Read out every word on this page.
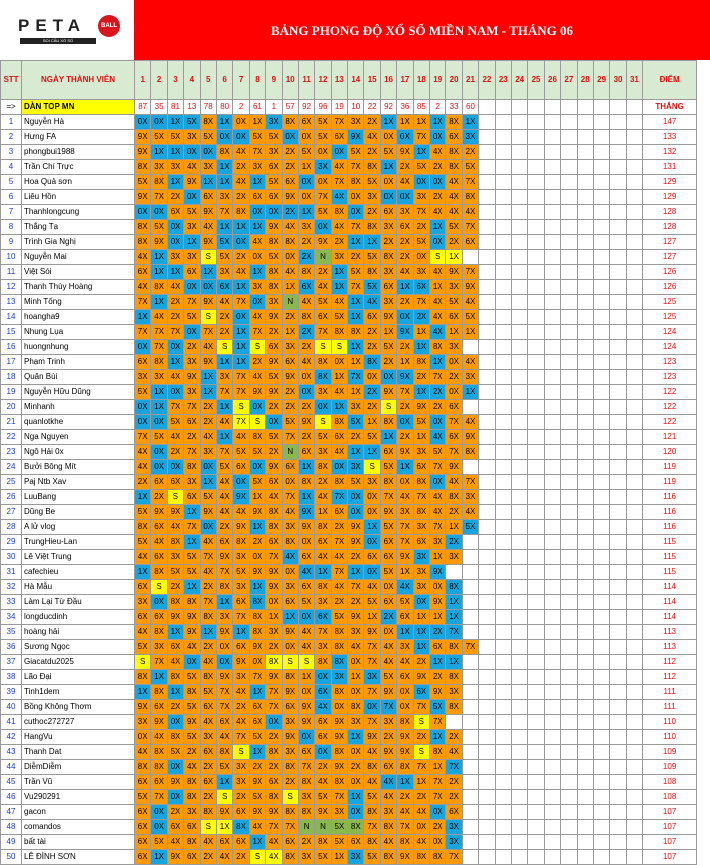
PETA	BALL
SOI CẦU XỔ SỐ
BẢNG PHONG ĐỘ XỔ SỐ MIỀN NAM - THÁNG 06
STT	NGÀY THÀNH VIÊN	1	2	3	4	5	6	7	8	9	10	11	12	13	14	15	16	17	18	19	20	21	22	23	24	25	26	27	28	29	30	31	ĐIỂM
=>	DÀN TOP MN	87	35	81	13	78	80	2	61	1	57	92	96	19	10	22	92	36	85	2	33	60											THẮNG
1	Nguyễn Hà	0X	0X	1X	5X	8X	1X	0X	1X	3X	8X	6X	5X	7X	3X	2X	1X	1X	1X	1X	8X	1X											147
2	Hưng FA	9X	5X	5X	3X	5X	0X	0X	5X	5X	0X	0X	5X	6X	9X	4X	0X	0X	7X	0X	6X	3X											133
3	phongbui1988	9X	1X	1X	0X	0X	8X	4X	7X	3X	2X	5X	0X	0X	5X	2X	5X	9X	1X	4X	8X	2X											132
4	Trần Chí Trực	8X	3X	3X	4X	3X	1X	2X	3X	6X	2X	1X	3X	4X	7X	8X	1X	2X	5X	2X	8X	5X											131
5	Hoa Quả sơn	5X	8X	1X	9X	1X	1X	4X	1X	5X	6X	0X	0X	7X	8X	5X	0X	4X	0X	0X	4X	7X											129
6	Liêu Hồn	9X	7X	2X	0X	6X	3X	2X	6X	6X	9X	0X	7X	4X	0X	3X	0X	0X	3X	2X	4X	8X											129
7	Thanhlongcung	0X	0X	6X	5X	9X	7X	8X	0X	0X	2X	1X	5X	8X	0X	2X	6X	3X	7X	4X	4X	4X											128
8	Thắng Tạ	8X	5X	0X	3X	4X	1X	1X	1X	9X	4X	3X	0X	4X	7X	8X	3X	6X	2X	1X	5X	7X											128
9	Trình Gia Nghị	8X	9X	0X	1X	9X	5X	0X	4X	8X	8X	2X	9X	2X	1X	1X	2X	2X	5X	0X	2X	6X											127
10	Nguyễn Mai	4X	1X	3X	3X	S	5X	2X	0X	5X	0X	2X	N	3X	2X	5X	8X	2X	0X	S	1X												127
11	Việt Sói	6X	1X	1X	6X	1X	3X	4X	1X	8X	4X	8X	2X	1X	5X	8X	3X	4X	3X	4X	9X	7X											126
12	Thanh Thùy Hoàng	4X	8X	4X	0X	0X	6X	1X	3X	8X	1X	6X	4X	1X	7X	5X	6X	1X	6X	1X	3X	9X											126
13	Minh Tống	7X	1X	2X	7X	9X	4X	7X	0X	3X	N	4X	5X	4X	1X	4X	3X	2X	7X	4X	5X	4X											125
14	hoangha9	1X	4X	2X	5X	S	2X	0X	4X	9X	2X	8X	6X	5X	1X	6X	9X	0X	2X	4X	6X	5X											125
15	Nhung Lụa	7X	7X	7X	0X	7X	2X	1X	7X	2X	1X	2X	7X	8X	8X	2X	1X	9X	1X	4X	1X	1X											124
16	huongnhung	0X	7X	0X	2X	4X	S	1X	S	6X	3X	2X	S	S	1X	2X	5X	2X	1X	8X	3X												124
17	Phạm Trinh	6X	8X	1X	3X	9X	1X	1X	2X	9X	6X	4X	8X	0X	1X	8X	2X	1X	8X	1X	0X	4X											123
18	Quân Bùi	3X	3X	4X	9X	1X	3X	7X	4X	5X	9X	0X	8X	1X	7X	0X	0X	9X	2X	7X	2X	3X											123
19	Nguyễn Hữu Dũng	5X	1X	0X	3X	1X	7X	7X	9X	9X	2X	0X	3X	4X	1X	2X	9X	7X	1X	2X	0X	1X											122
20	Minhanh	0X	1X	7X	7X	2X	1X	S	0X	2X	2X	2X	0X	1X	3X	2X	S	2X	9X	2X	6X												122
21	quanlotkhe	0X	0X	5X	6X	2X	4X	7X	S	0X	5X	9X	S	8X	5X	1X	8X	0X	5X	0X	7X	4X											122
22	Nga Nguyen	7X	5X	4X	2X	4X	1X	4X	8X	5X	7X	2X	5X	6X	2X	5X	1X	2X	1X	4X	6X	9X											121
23	Ngô Hải 0x	4X	0X	2X	7X	3X	7X	5X	5X	2X	N	6X	3X	4X	1X	1X	6X	9X	3X	5X	7X	8X											120
24	Bưởi Bông Mít	4X	0X	0X	8X	0X	5X	6X	0X	9X	6X	1X	8X	0X	3X	S	5X	1X	6X	7X	9X												119
25	Paj Ntb Xav	2X	6X	6X	3X	1X	4X	0X	5X	6X	0X	8X	2X	8X	5X	3X	8X	0X	8X	0X	4X	7X											119
26	LuuBang	1X	2X	S	6X	5X	4X	9X	1X	4X	7X	1X	4X	7X	0X	0X	7X	4X	7X	4X	8X	3X											116
27	Dũng Be	5X	9X	9X	1X	9X	4X	4X	9X	8X	4X	9X	1X	6X	0X	0X	9X	3X	8X	4X	2X	4X											116
28	A lử vlog	8X	6X	4X	7X	0X	2X	9X	1X	8X	3X	9X	8X	2X	9X	1X	5X	7X	3X	7X	1X	5X											116
29	TrungHieu-Lan	5X	4X	8X	1X	4X	6X	8X	2X	6X	8X	0X	6X	7X	9X	0X	6X	7X	6X	3X	2X												115
30	Lê Việt Trung	4X	6X	3X	5X	7X	9X	3X	0X	7X	4X	6X	4X	4X	2X	6X	6X	9X	3X	1X	3X												115
31	cafechieu	1X	8X	5X	5X	4X	7X	5X	9X	9X	0X	4X	1X	7X	1X	0X	5X	1X	3X	9X													115
32	Hà Mẫu	6X	S	2X	1X	2X	8X	3X	1X	9X	3X	6X	8X	4X	7X	4X	0X	4X	3X	0X	8X												114
33	Làm Lại Từ Đầu	3X	0X	8X	8X	7X	1X	6X	8X	0X	6X	5X	3X	2X	2X	5X	6X	5X	0X	9X	1X												114
34	longducdinh	6X	6X	9X	9X	8X	3X	7X	8X	1X	1X	0X	6X	5X	9X	1X	2X	6X	1X	1X	1X												114
35	hoàng hải	4X	8X	1X	9X	1X	9X	1X	8X	3X	9X	4X	7X	8X	3X	9X	0X	1X	1X	2X	7X												113
36	Sương Ngọc	5X	3X	6X	4X	2X	0X	6X	9X	2X	0X	4X	3X	8X	4X	7X	4X	3X	1X	6X	8X	7X											113
37	Giacatdu2025	S	7X	4X	0X	4X	0X	9X	0X	8X	S	S	8X	8X	0X	7X	4X	4X	2X	1X	1X												112
38	Lão Đại	8X	1X	8X	5X	8X	9X	3X	7X	9X	8X	1X	0X	3X	1X	3X	5X	6X	9X	2X	8X												112
39	Tinh1dem	1X	8X	1X	8X	5X	7X	4X	1X	7X	9X	0X	6X	8X	0X	7X	9X	0X	6X	9X	3X												111
40	Bồng Không Thơm	9X	6X	2X	5X	6X	7X	2X	6X	7X	6X	9X	4X	0X	8X	0X	7X	0X	7X	5X	8X												111
41	cuthoc272727	3X	9X	0X	9X	4X	6X	4X	6X	0X	3X	9X	6X	9X	3X	7X	3X	8X	S	7X													110
42	HangVu	0X	4X	8X	5X	3X	4X	7X	5X	2X	9X	0X	6X	9X	1X	9X	2X	9X	2X	1X	2X												110
43	Thanh Dat	4X	8X	5X	2X	6X	8X	S	1X	8X	3X	6X	0X	8X	0X	4X	9X	9X	S	8X	4X												109
44	DiễmDiễm	8X	8X	0X	4X	2X	5X	3X	2X	2X	8X	7X	2X	9X	2X	8X	6X	8X	7X	1X	7X												109
45	Trần Vũ	6X	6X	9X	8X	6X	1X	3X	9X	6X	2X	8X	4X	8X	0X	4X	4X	1X	1X	7X	2X												108
46	Vu290291	5X	7X	0X	8X	2X	S	2X	5X	8X	S	3X	5X	7X	1X	5X	4X	2X	2X	7X	2X												108
47	gacon	6X	0X	2X	3X	8X	9X	6X	9X	9X	8X	8X	9X	3X	0X	8X	3X	4X	4X	0X	6X												107
48	comandos	6X	0X	6X	6X	S	1X	8X	4X	7X	7X	N	N	5X	8X	7X	8X	7X	0X	2X	3X												107
49	bất tài	6X	5X	4X	8X	4X	6X	6X	1X	4X	6X	2X	8X	5X	6X	8X	4X	8X	4X	0X	3X												107
50	LÊ ĐÌNH SƠN	6X	1X	9X	6X	2X	4X	2X	S	4X	8X	3X	5X	1X	3X	5X	8X	9X	8X	8X	7X												107
